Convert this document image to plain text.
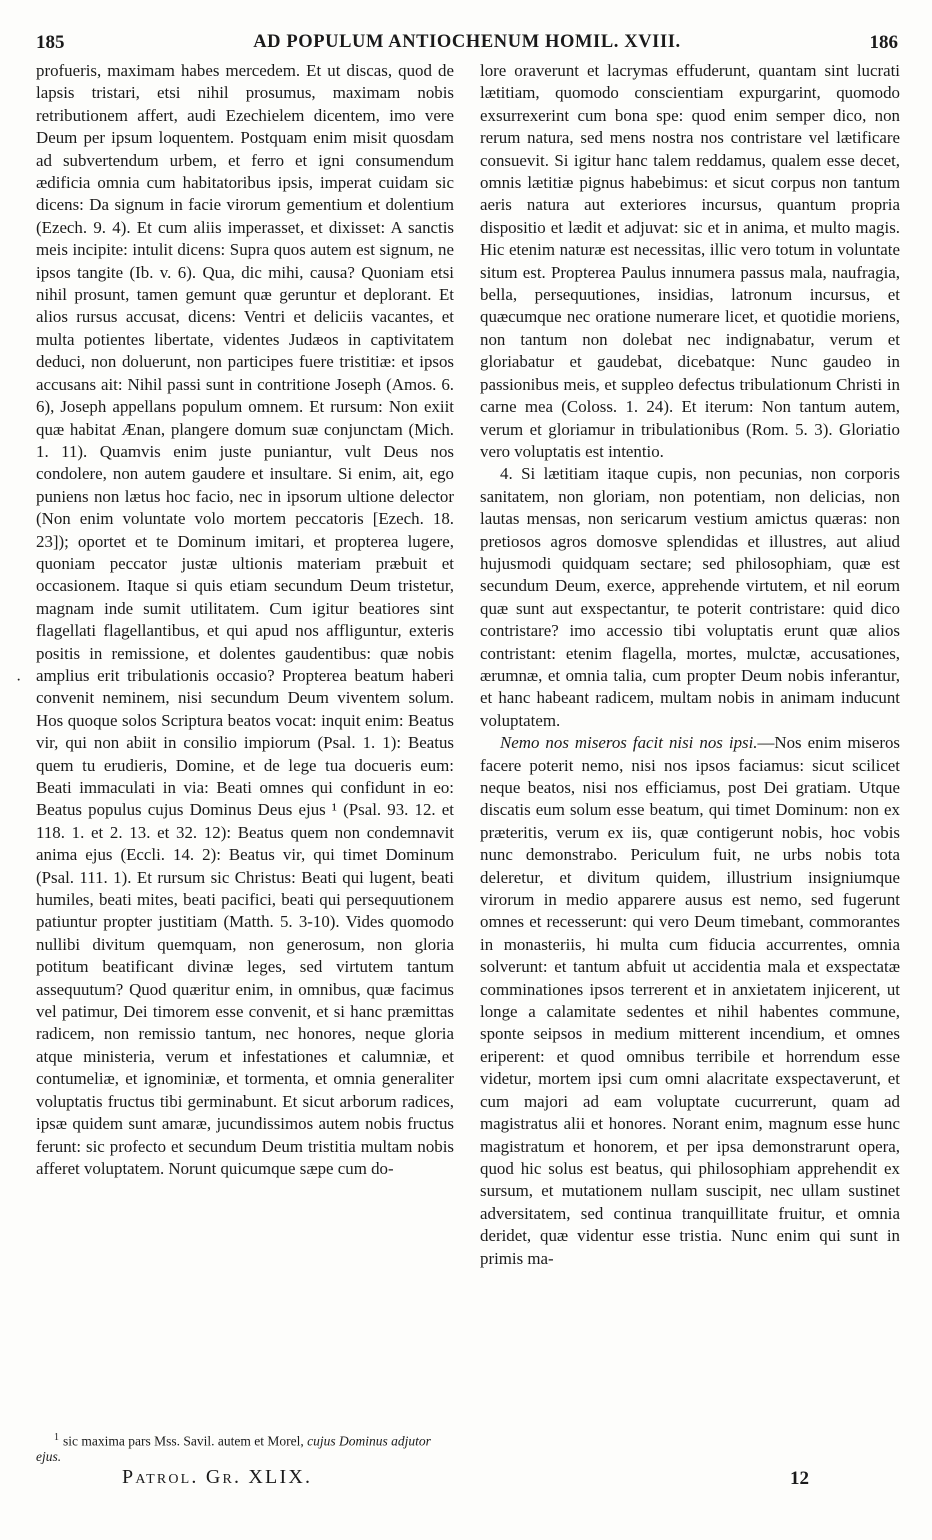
185	AD POPULUM ANTIOCHENUM HOMIL. XVIII.	186

profueris, maximam habes mercedem. Et ut discas, quod de lapsis tristari, etsi nihil prosumus, maximam nobis retributionem affert, audi Ezechielem dicentem, imo vere Deum per ipsum loquentem. Postquam enim misit quosdam ad subvertendum urbem, et ferro et igni consumendum ædificia omnia cum habitatoribus ipsis, imperat cuidam sic dicens: Da signum in facie virorum gementium et dolentium (Ezech. 9. 4). Et cum aliis imperasset, et dixisset: A sanctis meis incipite: intulit dicens: Supra quos autem est signum, ne ipsos tangite (Ib. v. 6). Qua, dic mihi, causa? Quoniam etsi nihil prosunt, tamen gemunt quæ geruntur et deplorant. Et alios rursus accusat, dicens: Ventri et deliciis vacantes, et multa potientes libertate, videntes Judæos in captivitatem deduci, non doluerunt, non participes fuere tristitiæ: et ipsos accusans ait: Nihil passi sunt in contritione Joseph (Amos. 6. 6), Joseph appellans populum omnem. Et rursum: Non exiit quæ habitat Ænan, plangere domum suæ conjunctam (Mich. 1. 11). Quamvis enim juste puniantur, vult Deus nos condolere, non autem gaudere et insultare. Si enim, ait, ego puniens non lætus hoc facio, nec in ipsorum ultione delector (Non enim voluntate volo mortem peccatoris [Ezech. 18. 23]); oportet et te Dominum imitari, et propterea lugere, quoniam peccator justæ ultionis materiam præbuit et occasionem. Itaque si quis etiam secundum Deum tristetur, magnam inde sumit utilitatem. Cum igitur beatiores sint flagellati flagellantibus, et qui apud nos affliguntur, exteris positis in remissione, et dolentes gaudentibus: quæ nobis amplius erit tribulationis occasio? Propterea beatum haberi convenit neminem, nisi secundum Deum viventem solum. Hos quoque solos Scriptura beatos vocat: inquit enim: Beatus vir, qui non abiit in consilio impiorum (Psal. 1. 1): Beatus quem tu erudieris, Domine, et de lege tua docueris eum: Beati immaculati in via: Beati omnes qui confidunt in eo: Beatus populus cujus Dominus Deus ejus ¹ (Psal. 93. 12. et 118. 1. et 2. 13. et 32. 12): Beatus quem non condemnavit anima ejus (Eccli. 14. 2): Beatus vir, qui timet Dominum (Psal. 111. 1). Et rursum sic Christus: Beati qui lugent, beati humiles, beati mites, beati pacifici, beati qui persequutionem patiuntur propter justitiam (Matth. 5. 3-10). Vides quomodo nullibi divitum quemquam, non generosum, non gloria potitum beatificant divinæ leges, sed virtutem tantum assequutum? Quod quæritur enim, in omnibus, quæ facimus vel patimur, Dei timorem esse convenit, et si hanc præmittas radicem, non remissio tantum, nec honores, neque gloria atque ministeria, verum et infestationes et calumniæ, et contumeliæ, et ignominiæ, et tormenta, et omnia generaliter voluptatis fructus tibi germinabunt. Et sicut arborum radices, ipsæ quidem sunt amaræ, jucundissimos autem nobis fructus ferunt: sic profecto et secundum Deum tristitia multam nobis afferet voluptatem. Norunt quicumque sæpe cum do-

·

lore oraverunt et lacrymas effuderunt, quantam sint lucrati lætitiam, quomodo conscientiam expurgarint, quomodo exsurrexerint cum bona spe: quod enim semper dico, non rerum natura, sed mens nostra nos contristare vel lætificare consuevit. Si igitur hanc talem reddamus, qualem esse decet, omnis lætitiæ pignus habebimus: et sicut corpus non tantum aeris natura aut exteriores incursus, quantum propria dispositio et lædit et adjuvat: sic et in anima, et multo magis. Hic etenim naturæ est necessitas, illic vero totum in voluntate situm est. Propterea Paulus innumera passus mala, naufragia, bella, persequutiones, insidias, latronum incursus, et quæcumque nec oratione numerare licet, et quotidie moriens, non tantum non dolebat nec indignabatur, verum et gloriabatur et gaudebat, dicebatque: Nunc gaudeo in passionibus meis, et suppleo defectus tribulationum Christi in carne mea (Coloss. 1. 24). Et iterum: Non tantum autem, verum et gloriamur in tribulationibus (Rom. 5. 3). Gloriatio vero voluptatis est intentio.

4. Si lætitiam itaque cupis, non pecunias, non corporis sanitatem, non gloriam, non potentiam, non delicias, non lautas mensas, non sericarum vestium amictus quæras: non pretiosos agros domosve splendidas et illustres, aut aliud hujusmodi quidquam sectare; sed philosophiam, quæ est secundum Deum, exerce, apprehende virtutem, et nil eorum quæ sunt aut exspectantur, te poterit contristare: quid dico contristare? imo accessio tibi voluptatis erunt quæ alios contristant: etenim flagella, mortes, mulctæ, accusationes, ærumnæ, et omnia talia, cum propter Deum nobis inferantur, et hanc habeant radicem, multam nobis in animam inducunt voluptatem.

Nemo nos miseros facit nisi nos ipsi.—Nos enim miseros facere poterit nemo, nisi nos ipsos faciamus: sicut scilicet neque beatos, nisi nos efficiamus, post Dei gratiam. Utque discatis eum solum esse beatum, qui timet Dominum: non ex præteritis, verum ex iis, quæ contigerunt nobis, hoc vobis nunc demonstrabo. Periculum fuit, ne urbs nobis tota deleretur, et divitum quidem, illustrium insigniumque virorum in medio apparere ausus est nemo, sed fugerunt omnes et recesserunt: qui vero Deum timebant, commorantes in monasteriis, hi multa cum fiducia accurrentes, omnia solverunt: et tantum abfuit ut accidentia mala et exspectatæ comminationes ipsos terrerent et in anxietatem injicerent, ut longe a calamitate sedentes et nihil habentes commune, sponte seipsos in medium mitterent incendium, et omnes eriperent: et quod omnibus terribile et horrendum esse videtur, mortem ipsi cum omni alacritate exspectaverunt, et cum majori ad eam voluptate cucurrerunt, quam ad magistratus alii et honores. Norant enim, magnum esse hunc magistratum et honorem, et per ipsa demonstrarunt opera, quod hic solus est beatus, qui philosophiam apprehendit ex sursum, et mutationem nullam suscipit, nec ullam sustinet adversitatem, sed continua tranquillitate fruitur, et omnia deridet, quæ videntur esse tristia. Nunc enim qui sunt in primis ma-

$^1$ sic maxima pars Mss. Savil. autem et Morel, cujus Dominus adjutor ejus.
Patrol. Gr. XLIX.	12
